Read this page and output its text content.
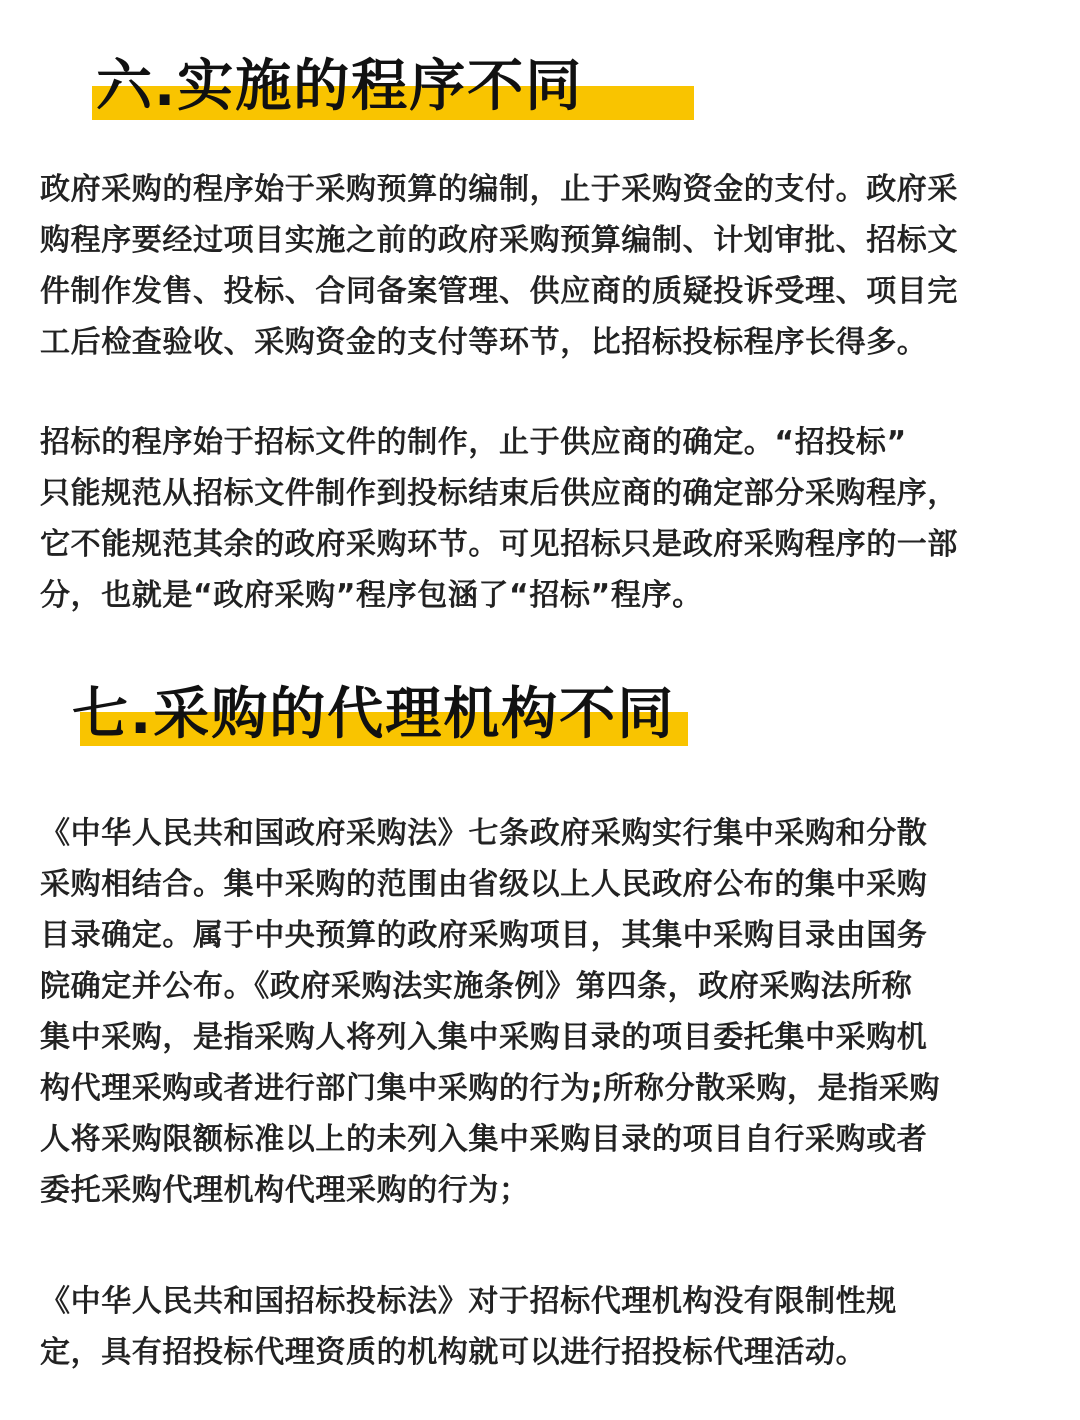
六.实施的程序不同
政府采购的程序始于采购预算的编制，止于采购资金的支付。政府采
购程序要经过项目实施之前的政府采购预算编制、计划审批、招标文
件制作发售、投标、合同备案管理、供应商的质疑投诉受理、项目完
工后检查验收、采购资金的支付等环节，比招标投标程序长得多。
招标的程序始于招标文件的制作，止于供应商的确定。“招投标”
只能规范从招标文件制作到投标结束后供应商的确定部分采购程序，
它不能规范其余的政府采购环节。可见招标只是政府采购程序的一部
分，也就是“政府采购”程序包涵了“招标”程序。
七.采购的代理机构不同
《中华人民共和国政府采购法》七条政府采购实行集中采购和分散
采购相结合。集中采购的范围由省级以上人民政府公布的集中采购
目录确定。属于中央预算的政府采购项目，其集中采购目录由国务
院确定并公布。《政府采购法实施条例》第四条，政府采购法所称
集中采购，是指采购人将列入集中采购目录的项目委托集中采购机
构代理采购或者进行部门集中采购的行为;所称分散采购，是指采购
人将采购限额标准以上的未列入集中采购目录的项目自行采购或者
委托采购代理机构代理采购的行为；
《中华人民共和国招标投标法》对于招标代理机构没有限制性规
定，具有招投标代理资质的机构就可以进行招投标代理活动。
